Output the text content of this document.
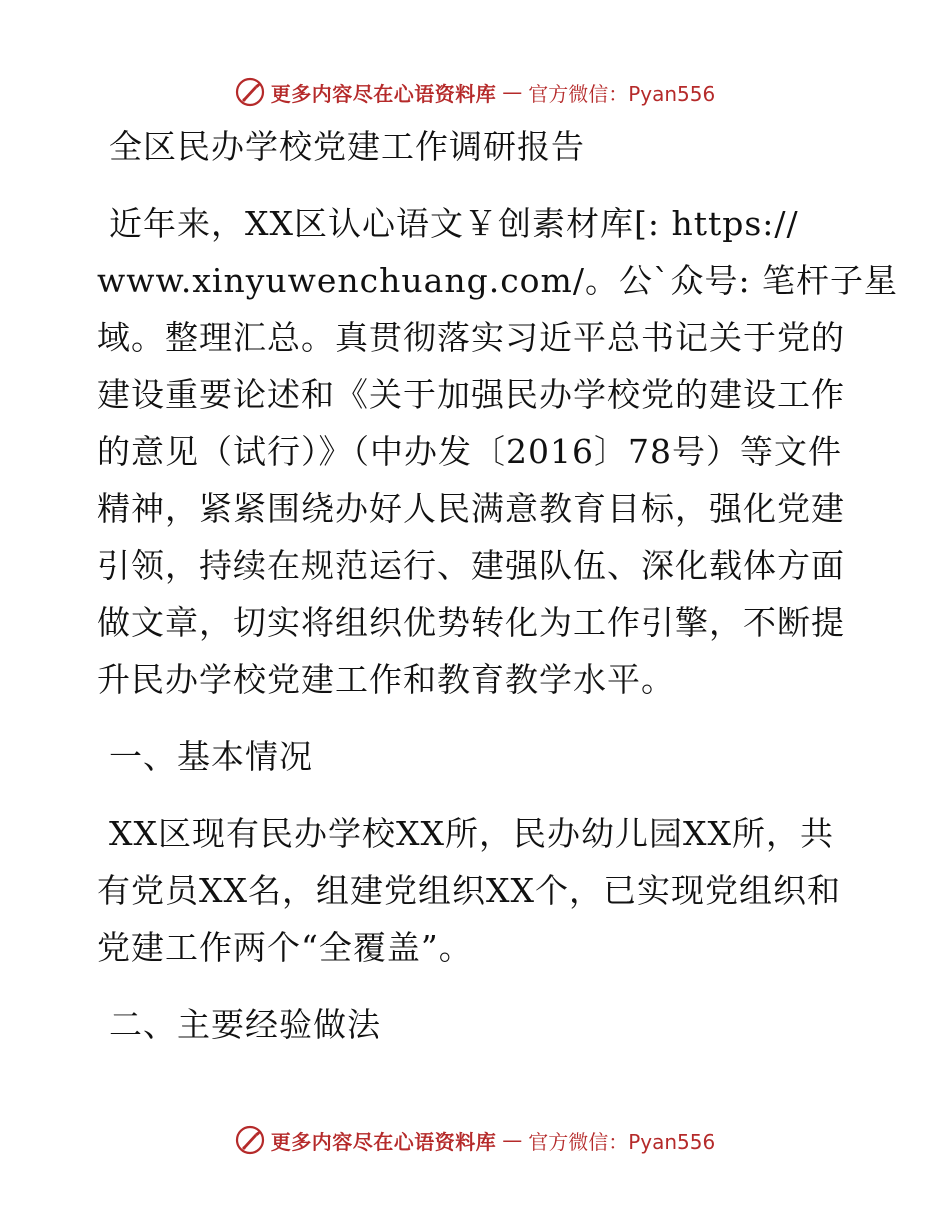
更多内容尽在心语资料库 — 官方微信：Pyan556
全区民办学校党建工作调研报告
近年来，XX区认心语文￥创素材库[: https://
www.xinyuwenchuang.com/。公`众号: 笔杆子星
域。整理汇总。真贯彻落实习近平总书记关于党的
建设重要论述和《关于加强民办学校党的建设工作
的意见（试行）》（中办发〔2016〕78号）等文件
精神，紧紧围绕办好人民满意教育目标，强化党建
引领，持续在规范运行、建强队伍、深化载体方面
做文章，切实将组织优势转化为工作引擎，不断提
升民办学校党建工作和教育教学水平。
一、基本情况
XX区现有民办学校XX所，民办幼儿园XX所，共
有党员XX名，组建党组织XX个，已实现党组织和
党建工作两个“全覆盖”。
二、主要经验做法
更多内容尽在心语资料库 — 官方微信：Pyan556
